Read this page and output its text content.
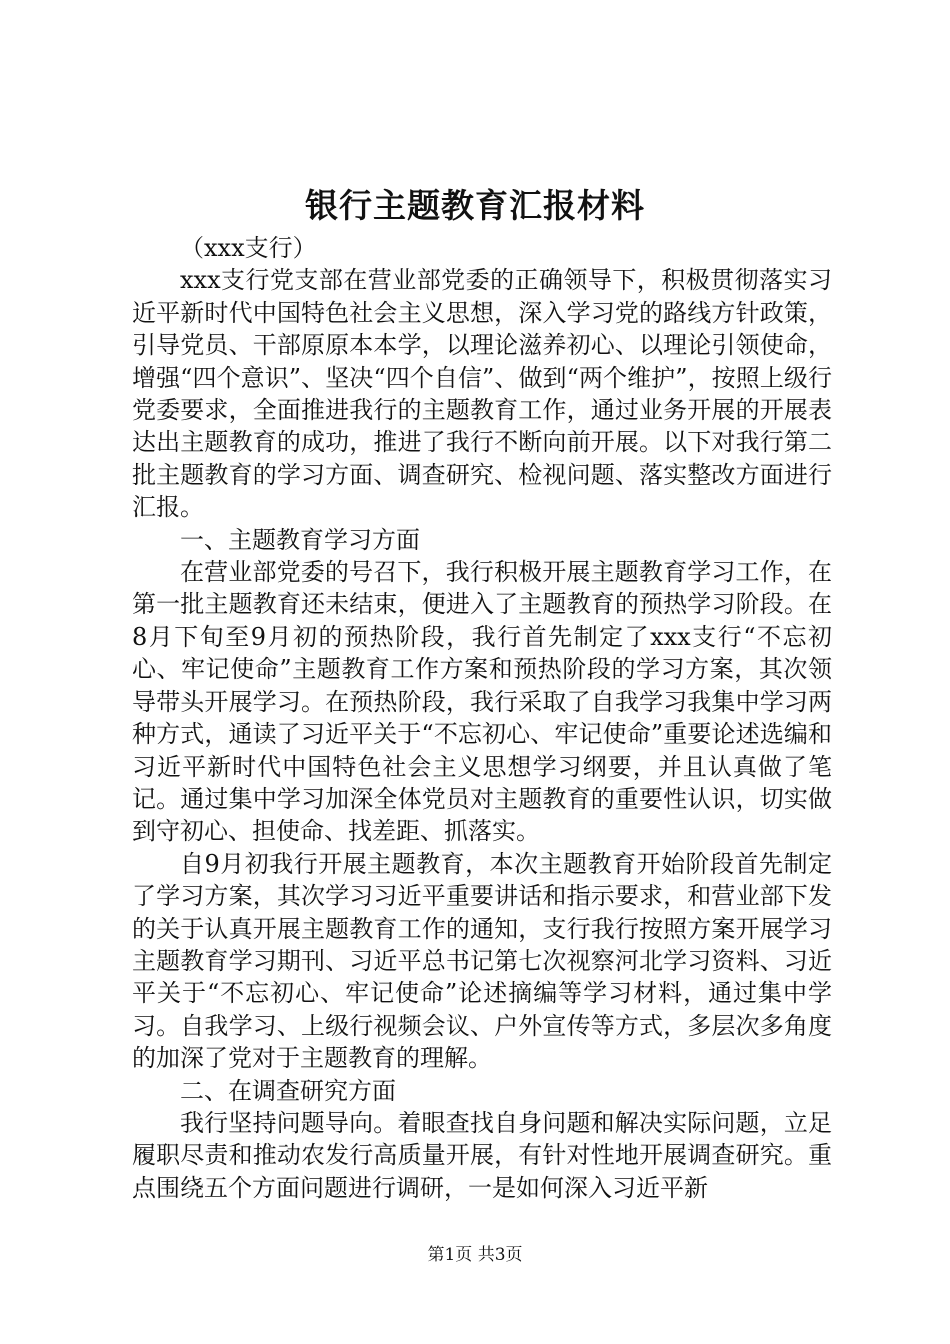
银行主题教育汇报材料

（xxx支行）

xxx支行党支部在营业部党委的正确领导下，积极贯彻落实习近平新时代中国特色社会主义思想，深入学习党的路线方针政策，引导党员、干部原原本本学，以理论滋养初心、以理论引领使命，增强“四个意识”、坚决“四个自信”、做到“两个维护”，按照上级行党委要求，全面推进我行的主题教育工作，通过业务开展的开展表达出主题教育的成功，推进了我行不断向前开展。以下对我行第二批主题教育的学习方面、调查研究、检视问题、落实整改方面进行汇报。

一、主题教育学习方面

在营业部党委的号召下，我行积极开展主题教育学习工作，在第一批主题教育还未结束，便进入了主题教育的预热学习阶段。在8月下旬至9月初的预热阶段，我行首先制定了xxx支行“不忘初心、牢记使命”主题教育工作方案和预热阶段的学习方案，其次领导带头开展学习。在预热阶段，我行采取了自我学习我集中学习两种方式，通读了习近平关于“不忘初心、牢记使命”重要论述选编和习近平新时代中国特色社会主义思想学习纲要，并且认真做了笔记。通过集中学习加深全体党员对主题教育的重要性认识，切实做到守初心、担使命、找差距、抓落实。

自9月初我行开展主题教育，本次主题教育开始阶段首先制定了学习方案，其次学习习近平重要讲话和指示要求，和营业部下发的关于认真开展主题教育工作的通知，支行我行按照方案开展学习主题教育学习期刊、习近平总书记第七次视察河北学习资料、习近平关于“不忘初心、牢记使命”论述摘编等学习材料，通过集中学习。自我学习、上级行视频会议、户外宣传等方式，多层次多角度的加深了党对于主题教育的理解。

二、在调查研究方面

我行坚持问题导向。着眼查找自身问题和解决实际问题，立足履职尽责和推动农发行高质量开展，有针对性地开展调查研究。重点围绕五个方面问题进行调研，一是如何深入习近平新

第1页 共3页
